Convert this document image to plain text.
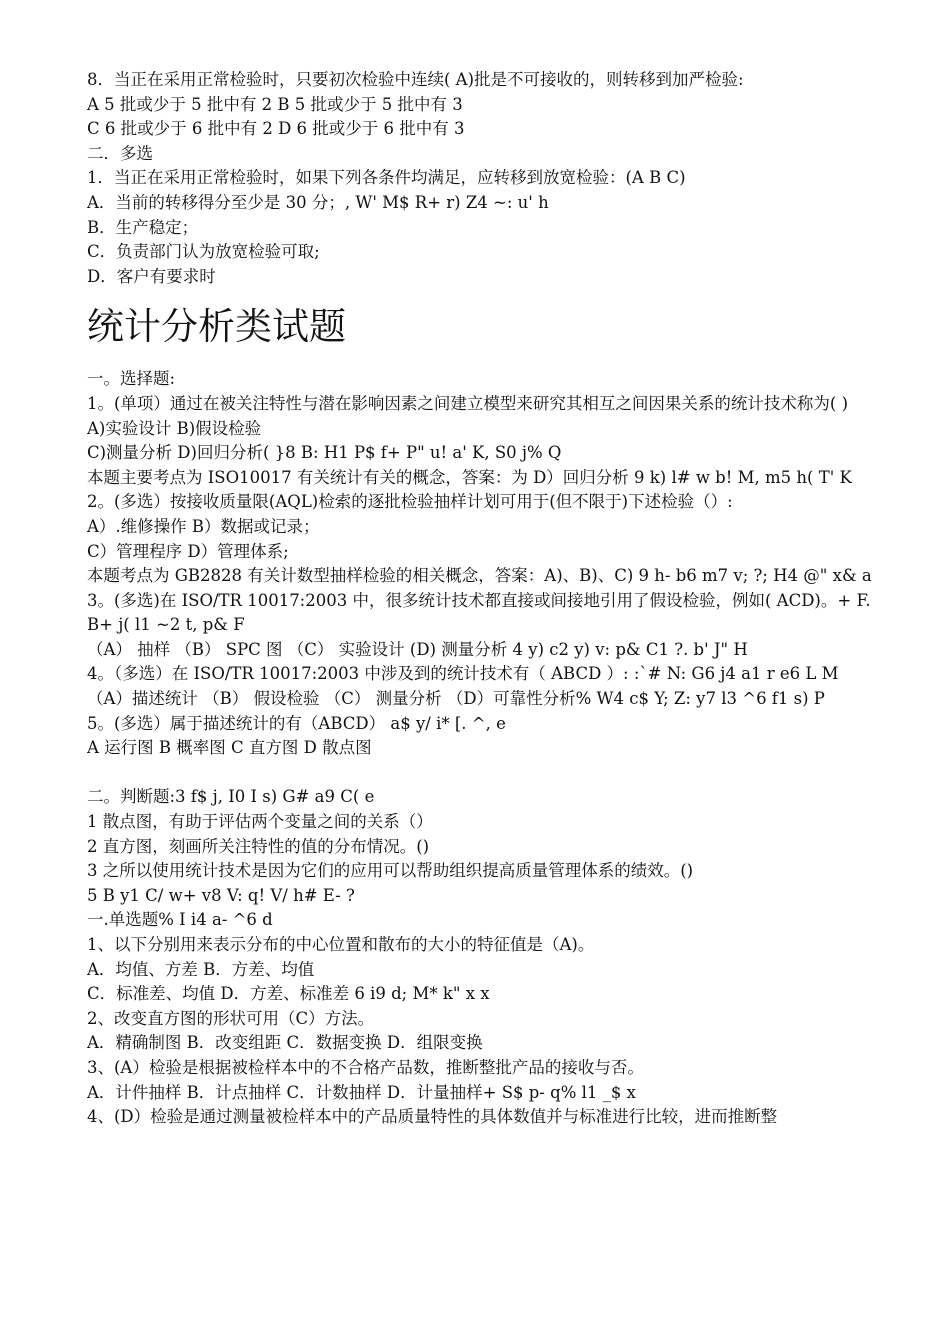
8．当正在采用正常检验时，只要初次检验中连续( A)批是不可接收的，则转移到加严检验:
A 5 批或少于 5 批中有 2 B 5 批或少于 5 批中有 3
C 6 批或少于 6 批中有 2 D 6 批或少于 6 批中有 3
二．多选
1．当正在采用正常检验时，如果下列各条件均满足，应转移到放宽检验：(A B C)
A．当前的转移得分至少是 30 分；, W' M$ R+ r) Z4 ~: u' h
B．生产稳定；
C．负责部门认为放宽检验可取;
D．客户有要求时
统计分析类试题
一。选择题:
1。(单项）通过在被关注特性与潜在影响因素之间建立模型来研究其相互之间因果关系的统计技术称为( )
A)实验设计 B)假设检验
C)测量分析 D)回归分析( }8 B: H1 P$ f+ P" u! a' K, S0 j% Q
本题主要考点为 ISO10017 有关统计有关的概念，答案：为 D）回归分析 9 k) l# w b! M, m5 h( T' K
2。(多选）按接收质量限(AQL)检索的逐批检验抽样计划可用于(但不限于)下述检验（）:
A）.维修操作 B）数据或记录；
C）管理程序 D）管理体系;
本题考点为 GB2828 有关计数型抽样检验的相关概念，答案：A)、B)、C) 9 h- b6 m7 v; ?; H4 @" x& a
3。(多选)在 ISO/TR 10017:2003 中，很多统计技术都直接或间接地引用了假设检验，例如( ACD)。+ F. B+ j( l1 ~2 t, p& F
（A） 抽样 （B） SPC 图 （C） 实验设计 (D) 测量分析 4 y) c2 y) v: p& C1 ?. b' J" H
4。（多选）在 ISO/TR 10017:2003 中涉及到的统计技术有（ ABCD ）: :`# N: G6 j4 a1 r e6 L M
（A）描述统计 （B） 假设检验 （C） 测量分析 （D）可靠性分析% W4 c$ Y; Z: y7 l3 ^6 f1 s) P
5。(多选）属于描述统计的有（ABCD） a$ y/ i* [. ^, e
A 运行图 B 概率图 C 直方图 D 散点图
二。判断题:3 f$ j, I0 I s) G# a9 C( e
1 散点图，有助于评估两个变量之间的关系（）
2 直方图，刻画所关注特性的值的分布情况。()
3 之所以使用统计技术是因为它们的应用可以帮助组织提高质量管理体系的绩效。()
5 B y1 C/ w+ v8 V: q! V/ h# E- ?
一.单选题% I i4 a- ^6 d
1、以下分别用来表示分布的中心位置和散布的大小的特征值是（A)。
A．均值、方差 B．方差、均值
C．标准差、均值 D．方差、标准差 6 i9 d; M* k" x x
2、改变直方图的形状可用（C）方法。
A．精确制图 B．改变组距 C．数据变换 D．组限变换
3、(A）检验是根据被检样本中的不合格产品数，推断整批产品的接收与否。
A．计件抽样 B．计点抽样 C．计数抽样 D．计量抽样+ S$ p- q% l1 _$ x
4、(D）检验是通过测量被检样本中的产品质量特性的具体数值并与标准进行比较，进而推断整
